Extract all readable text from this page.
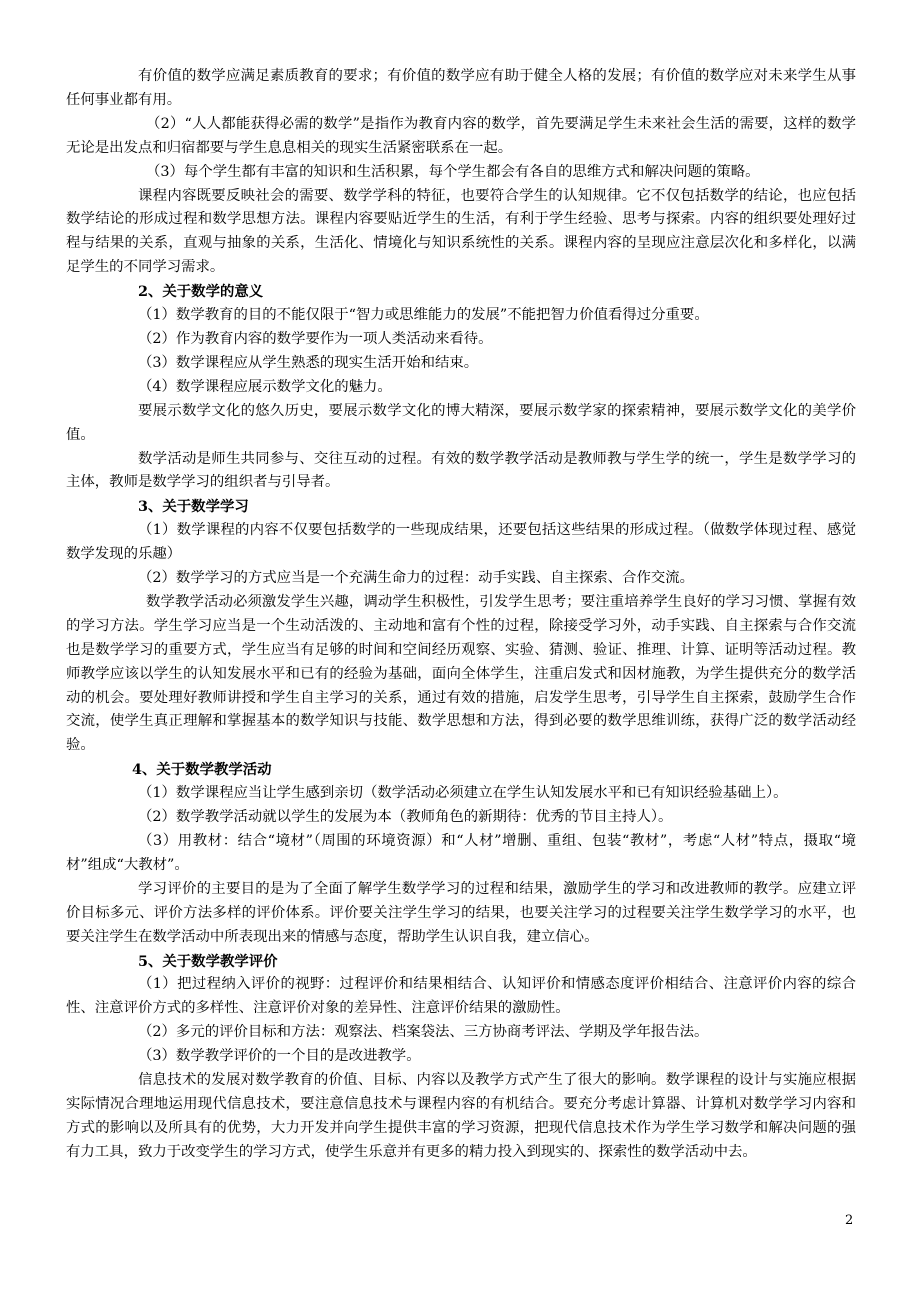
有价值的数学应满足素质教育的要求；有价值的数学应有助于健全人格的发展；有价值的数学应对未来学生从事任何事业都有用。

（2）“人人都能获得必需的数学”是指作为教育内容的数学，首先要满足学生未来社会生活的需要，这样的数学无论是出发点和归宿都要与学生息息相关的现实生活紧密联系在一起。

（3）每个学生都有丰富的知识和生活积累，每个学生都会有各自的思维方式和解决问题的策略。

课程内容既要反映社会的需要、数学学科的特征，也要符合学生的认知规律。它不仅包括数学的结论，也应包括数学结论的形成过程和数学思想方法。课程内容要贴近学生的生活，有利于学生经验、思考与探索。内容的组织要处理好过程与结果的关系，直观与抽象的关系，生活化、情境化与知识系统性的关系。课程内容的呈现应注意层次化和多样化，以满足学生的不同学习需求。

2、关于数学的意义

（1）数学教育的目的不能仅限于“智力或思维能力的发展”不能把智力价值看得过分重要。

（2）作为教育内容的数学要作为一项人类活动来看待。

（3）数学课程应从学生熟悉的现实生活开始和结束。

（4）数学课程应展示数学文化的魅力。

要展示数学文化的悠久历史，要展示数学文化的博大精深，要展示数学家的探索精神，要展示数学文化的美学价值。

数学活动是师生共同参与、交往互动的过程。有效的数学教学活动是教师教与学生学的统一，学生是数学学习的主体，教师是数学学习的组织者与引导者。

3、关于数学学习

（1）数学课程的内容不仅要包括数学的一些现成结果，还要包括这些结果的形成过程。（做数学体现过程、感觉数学发现的乐趣）

（2）数学学习的方式应当是一个充满生命力的过程：动手实践、自主探索、合作交流。

数学教学活动必须激发学生兴趣，调动学生积极性，引发学生思考；要注重培养学生良好的学习习惯、掌握有效的学习方法。学生学习应当是一个生动活泼的、主动地和富有个性的过程，除接受学习外，动手实践、自主探索与合作交流也是数学学习的重要方式，学生应当有足够的时间和空间经历观察、实验、猜测、验证、推理、计算、证明等活动过程。教师教学应该以学生的认知发展水平和已有的经验为基础，面向全体学生，注重启发式和因材施教，为学生提供充分的数学活动的机会。要处理好教师讲授和学生自主学习的关系，通过有效的措施，启发学生思考，引导学生自主探索，鼓励学生合作交流，使学生真正理解和掌握基本的数学知识与技能、数学思想和方法，得到必要的数学思维训练，获得广泛的数学活动经验。

4、关于数学教学活动

（1）数学课程应当让学生感到亲切（数学活动必须建立在学生认知发展水平和已有知识经验基础上）。

（2）数学教学活动就以学生的发展为本（教师角色的新期待：优秀的节目主持人）。

（3）用教材：结合“境材”（周围的环境资源）和“人材”增删、重组、包装“教材”，考虑“人材”特点，摄取“境材”组成“大教材”。

学习评价的主要目的是为了全面了解学生数学学习的过程和结果，激励学生的学习和改进教师的教学。应建立评价目标多元、评价方法多样的评价体系。评价要关注学生学习的结果，也要关注学习的过程要关注学生数学学习的水平，也要关注学生在数学活动中所表现出来的情感与态度，帮助学生认识自我，建立信心。

5、关于数学教学评价

（1）把过程纳入评价的视野：过程评价和结果相结合、认知评价和情感态度评价相结合、注意评价内容的综合性、注意评价方式的多样性、注意评价对象的差异性、注意评价结果的激励性。

（2）多元的评价目标和方法：观察法、档案袋法、三方协商考评法、学期及学年报告法。

（3）数学教学评价的一个目的是改进教学。

信息技术的发展对数学教育的价值、目标、内容以及教学方式产生了很大的影响。数学课程的设计与实施应根据实际情况合理地运用现代信息技术，要注意信息技术与课程内容的有机结合。要充分考虑计算器、计算机对数学学习内容和方式的影响以及所具有的优势，大力开发并向学生提供丰富的学习资源，把现代信息技术作为学生学习数学和解决问题的强有力工具，致力于改变学生的学习方式，使学生乐意并有更多的精力投入到现实的、探索性的数学活动中去。

2
